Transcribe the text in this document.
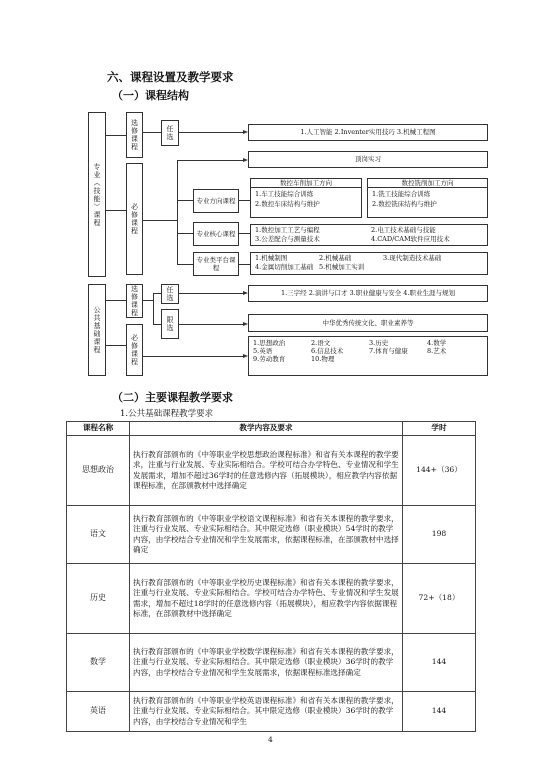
六、课程设置及教学要求
（一）课程结构
专业（技能）课程
公共基础课程
选修课程
必修课程
选修课程
必修课程
任选	1.人工智能 2.Inventer实用技巧 3.机械工程图
顶岗实习
专业方向课程
数控车削加工方向
1.车工技能综合训练
2.数控车床结构与维护
数控铣削加工方向
1.铣工技能综合训练
2.数控铣床结构与维护
专业核心课程	1.数控加工工艺与编程	2.电工技术基础与技能
3.公差配合与测量技术	4.CAD/CAM软件应用技术
专业类平台课程
1.机械制图	2.机械基础	3.现代制造技术基础
4.金属切削加工基础 5.机械加工实训
任选	1.三字经 2.演讲与口才 3.职业健康与安全 4.职业生涯与规划
限选	中华优秀传统文化、职业素养等
1.思想政治	2.语文	3.历史	4.数学
5.英语	6.信息技术	7.体育与健康	8.艺术
9.劳动教育	10.物理
（二）主要课程教学要求
1.公共基础课程教学要求
课程名称	教学内容及要求	学时
思想政治	执行教育部颁布的《中等职业学校思想政治课程标准》和省有关本课程的教学要求，注重与行业发展、专业实际相结合。学校可结合办学特色、专业情况和学生发展需求，增加不超过36学时的任意选修内容（拓展模块），相应教学内容依据课程标准，在部颁教材中选择确定	144+（36）
语文	执行教育部颁布的《中等职业学校语文课程标准》和省有关本课程的教学要求，注重与行业发展、专业实际相结合。其中限定选修（职业模块）54学时的教学内容，由学校结合专业情况和学生发展需求，依据课程标准，在部颁教材中选择确定	198
历史	执行教育部颁布的《中等职业学校历史课程标准》和省有关本课程的教学要求，注重与行业发展、专业实际相结合。学校可结合办学特色、专业情况和学生发展需求，增加不超过18学时的任意选修内容（拓展模块），相应教学内容依据课程标准，在部颁教材中选择确定	72+（18）
数学	执行教育部颁布的《中等职业学校数学课程标准》和省有关本课程的教学要求，注重与行业发展、专业实际相结合。其中限定选修（职业模块）36学时的教学内容，由学校结合专业情况和学生发展需求，依据课程标准选择确定	144
英语	执行教育部颁布的《中等职业学校英语课程标准》和省有关本课程的教学要求，注重与行业发展、专业实际相结合。其中限定选修（职业模块）36学时的教学内容，由学校结合专业情况和学生	144
4
